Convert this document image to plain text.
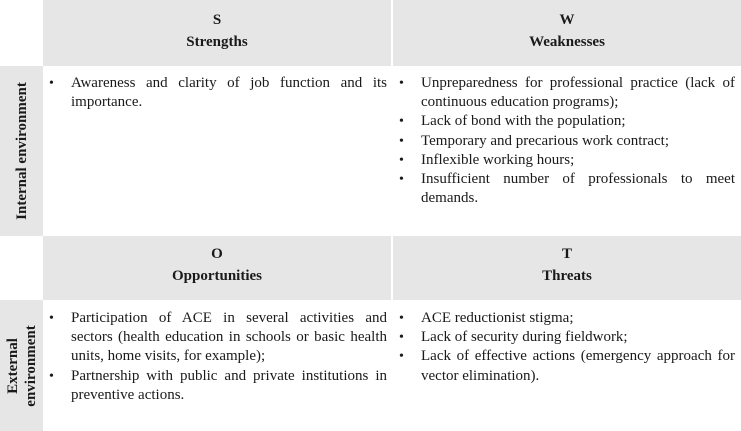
S
Strengths
W
Weaknesses
Internal environment
•	Awareness and clarity of job function and its importance.
• Unpreparedness for professional practice (lack of continuous education programs);
• Lack of bond with the population;
• Temporary and precarious work contract;
• Inflexible working hours;
• Insufficient number of professionals to meet demands.
O
Opportunities
T
Threats
External environment
• Participation of ACE in several activities and sectors (health education in schools or basic health units, home visits, for example);
• Partnership with public and private institutions in preventive actions.
• ACE reductionist stigma;
• Lack of security during fieldwork;
• Lack of effective actions (emergency approach for vector elimination).
